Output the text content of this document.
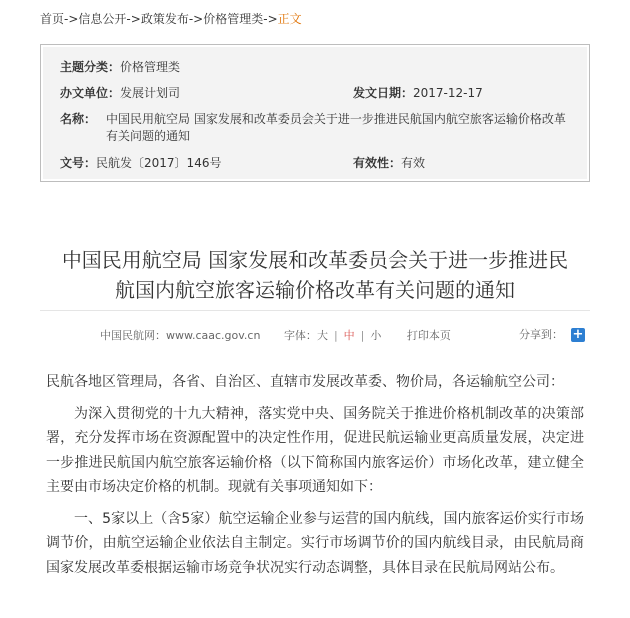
首页->信息公开->政策发布->价格管理类->正文
主题分类：价格管理类
办文单位：发展计划司	发文日期：2017-12-17
名称： 中国民用航空局 国家发展和改革委员会关于进一步推进民航国内航空旅客运输价格改革有关问题的通知
文号：民航发〔2017〕146号	有效性：有效
中国民用航空局 国家发展和改革委员会关于进一步推进民
航国内航空旅客运输价格改革有关问题的通知
中国民航网：www.caac.gov.cn 字体：大 | 中 | 小 打印本页	分享到： +

民航各地区管理局，各省、自治区、直辖市发展改革委、物价局，各运输航空公司：

为深入贯彻党的十九大精神，落实党中央、国务院关于推进价格机制改革的决策部署，充分发挥市场在资源配置中的决定性作用，促进民航运输业更高质量发展，决定进一步推进民航国内航空旅客运输价格（以下简称国内旅客运价）市场化改革，建立健全主要由市场决定价格的机制。现就有关事项通知如下：

一、5家以上（含5家）航空运输企业参与运营的国内航线，国内旅客运价实行市场调节价，由航空运输企业依法自主制定。实行市场调节价的国内航线目录，由民航局商国家发展改革委根据运输市场竞争状况实行动态调整，具体目录在民航局网站公布。
